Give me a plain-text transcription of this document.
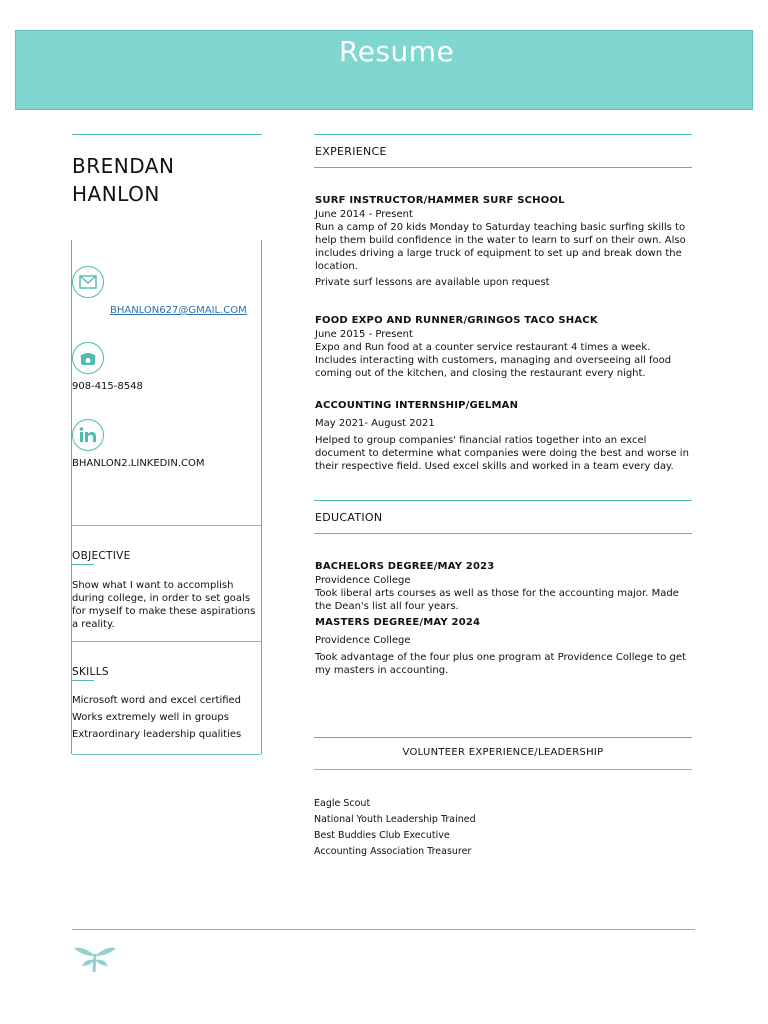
Resume
BRENDAN HANLON
BHANLON627@GMAIL.COM
908-415-8548
BHANLON2.LINKEDIN.COM
OBJECTIVE
Show what I want to accomplish during college, in order to set goals for myself to make these aspirations a reality.
SKILLS
Microsoft word and excel certified
Works extremely well in groups
Extraordinary leadership qualities
EXPERIENCE
SURF INSTRUCTOR/HAMMER SURF SCHOOL
June 2014 - Present
Run a camp of 20 kids Monday to Saturday teaching basic surfing skills to help them build confidence in the water to learn to surf on their own. Also includes driving a large truck of equipment to set up and break down the location.
Private surf lessons are available upon request
FOOD EXPO AND RUNNER/GRINGOS TACO SHACK
June 2015 - Present
Expo and Run food at a counter service restaurant 4 times a week. Includes interacting with customers, managing and overseeing all food coming out of the kitchen, and closing the restaurant every night.
ACCOUNTING INTERNSHIP/GELMAN
May 2021- August 2021
Helped to group companies' financial ratios together into an excel document to determine what companies were doing the best and worse in their respective field. Used excel skills and worked in a team every day.
EDUCATION
BACHELORS DEGREE/MAY 2023
Providence College
Took liberal arts courses as well as those for the accounting major. Made the Dean's list all four years.
MASTERS DEGREE/MAY 2024
Providence College
Took advantage of the four plus one program at Providence College to get my masters in accounting.
VOLUNTEER EXPERIENCE/LEADERSHIP
Eagle Scout
National Youth Leadership Trained
Best Buddies Club Executive
Accounting Association Treasurer
